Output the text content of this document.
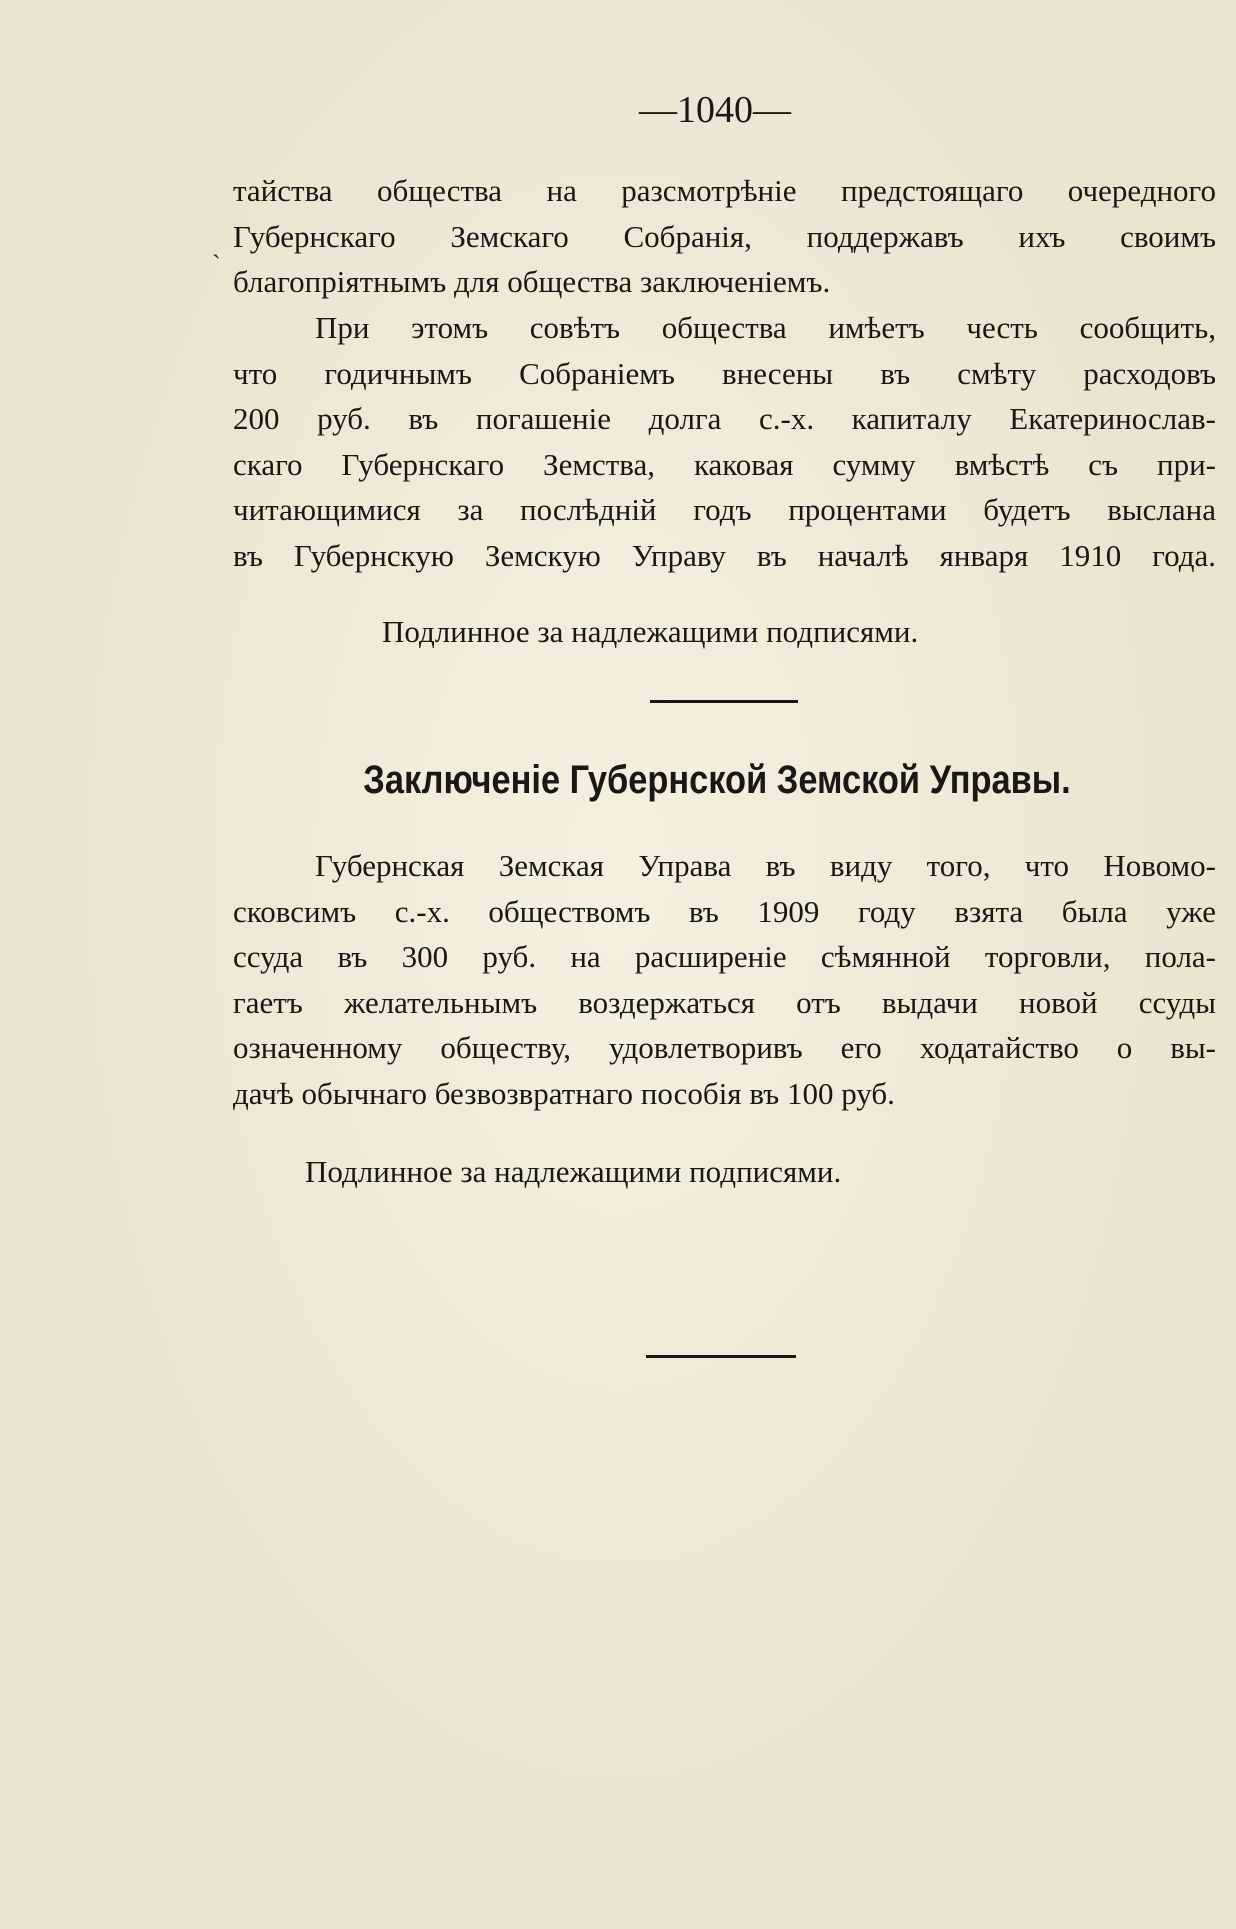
—1040—
`
тайства общества на разсмотрѣніе предстоящаго очередного
Губернскаго Земскаго Собранія, поддержавъ ихъ своимъ
благопріятнымъ для общества заключеніемъ.
При этомъ совѣтъ общества имѣетъ честь сообщить,
что годичнымъ Собраніемъ внесены въ смѣту расходовъ
200 руб. въ погашеніе долга с.-х. капиталу Екатеринослав-
скаго Губернскаго Земства, каковая сумму вмѣстѣ съ при-
читающимися за послѣдній годъ процентами будетъ выслана
въ Губернскую Земскую Управу въ началѣ января 1910 года.
Подлинное за надлежащими подписями.
Заключеніе Губернской Земской Управы.
Губернская Земская Управа въ виду того, что Новомо-
сковсимъ с.-х. обществомъ въ 1909 году взята была уже
ссуда въ 300 руб. на расширеніе сѣмянной торговли, пола-
гаетъ желательнымъ воздержаться отъ выдачи новой ссуды
означенному обществу, удовлетворивъ его ходатайство о вы-
дачѣ обычнаго безвозвратнаго пособія въ 100 руб.
Подлинное за надлежащими подписями.
